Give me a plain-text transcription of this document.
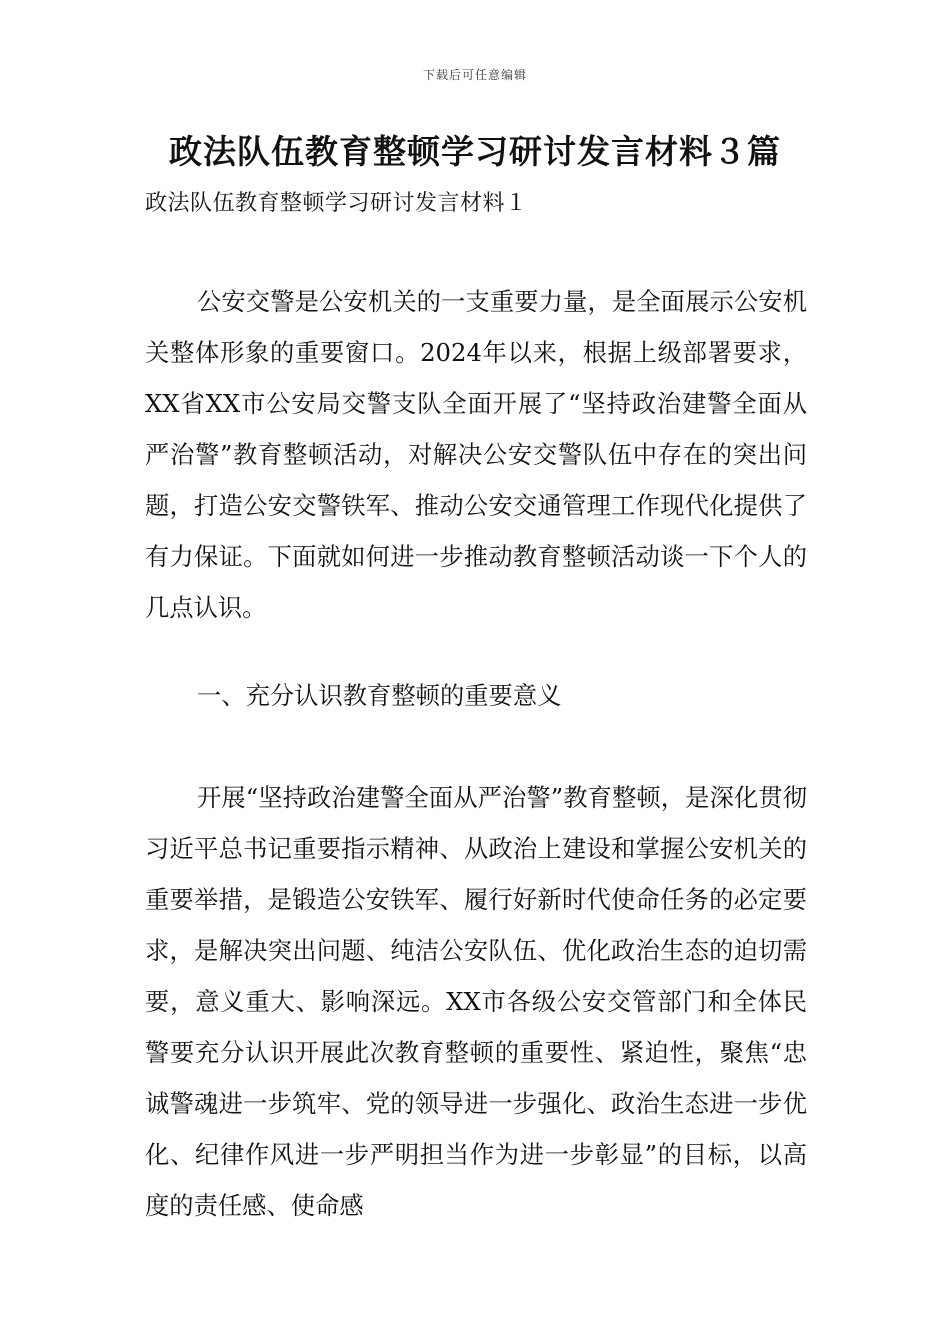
下载后可任意编辑
政法队伍教育整顿学习研讨发言材料３篇
政法队伍教育整顿学习研讨发言材料１

公安交警是公安机关的一支重要力量，是全面展示公安机关整体形象的重要窗口。2024年以来，根据上级部署要求，XX省XX市公安局交警支队全面开展了“坚持政治建警全面从严治警”教育整顿活动，对解决公安交警队伍中存在的突出问题，打造公安交警铁军、推动公安交通管理工作现代化提供了有力保证。下面就如何进一步推动教育整顿活动谈一下个人的几点认识。

一、充分认识教育整顿的重要意义

开展“坚持政治建警全面从严治警”教育整顿，是深化贯彻习近平总书记重要指示精神、从政治上建设和掌握公安机关的重要举措，是锻造公安铁军、履行好新时代使命任务的必定要求，是解决突出问题、纯洁公安队伍、优化政治生态的迫切需要，意义重大、影响深远。XX市各级公安交管部门和全体民警要充分认识开展此次教育整顿的重要性、紧迫性，聚焦“忠诚警魂进一步筑牢、党的领导进一步强化、政治生态进一步优化、纪律作风进一步严明担当作为进一步彰显”的目标，以高度的责任感、使命感
